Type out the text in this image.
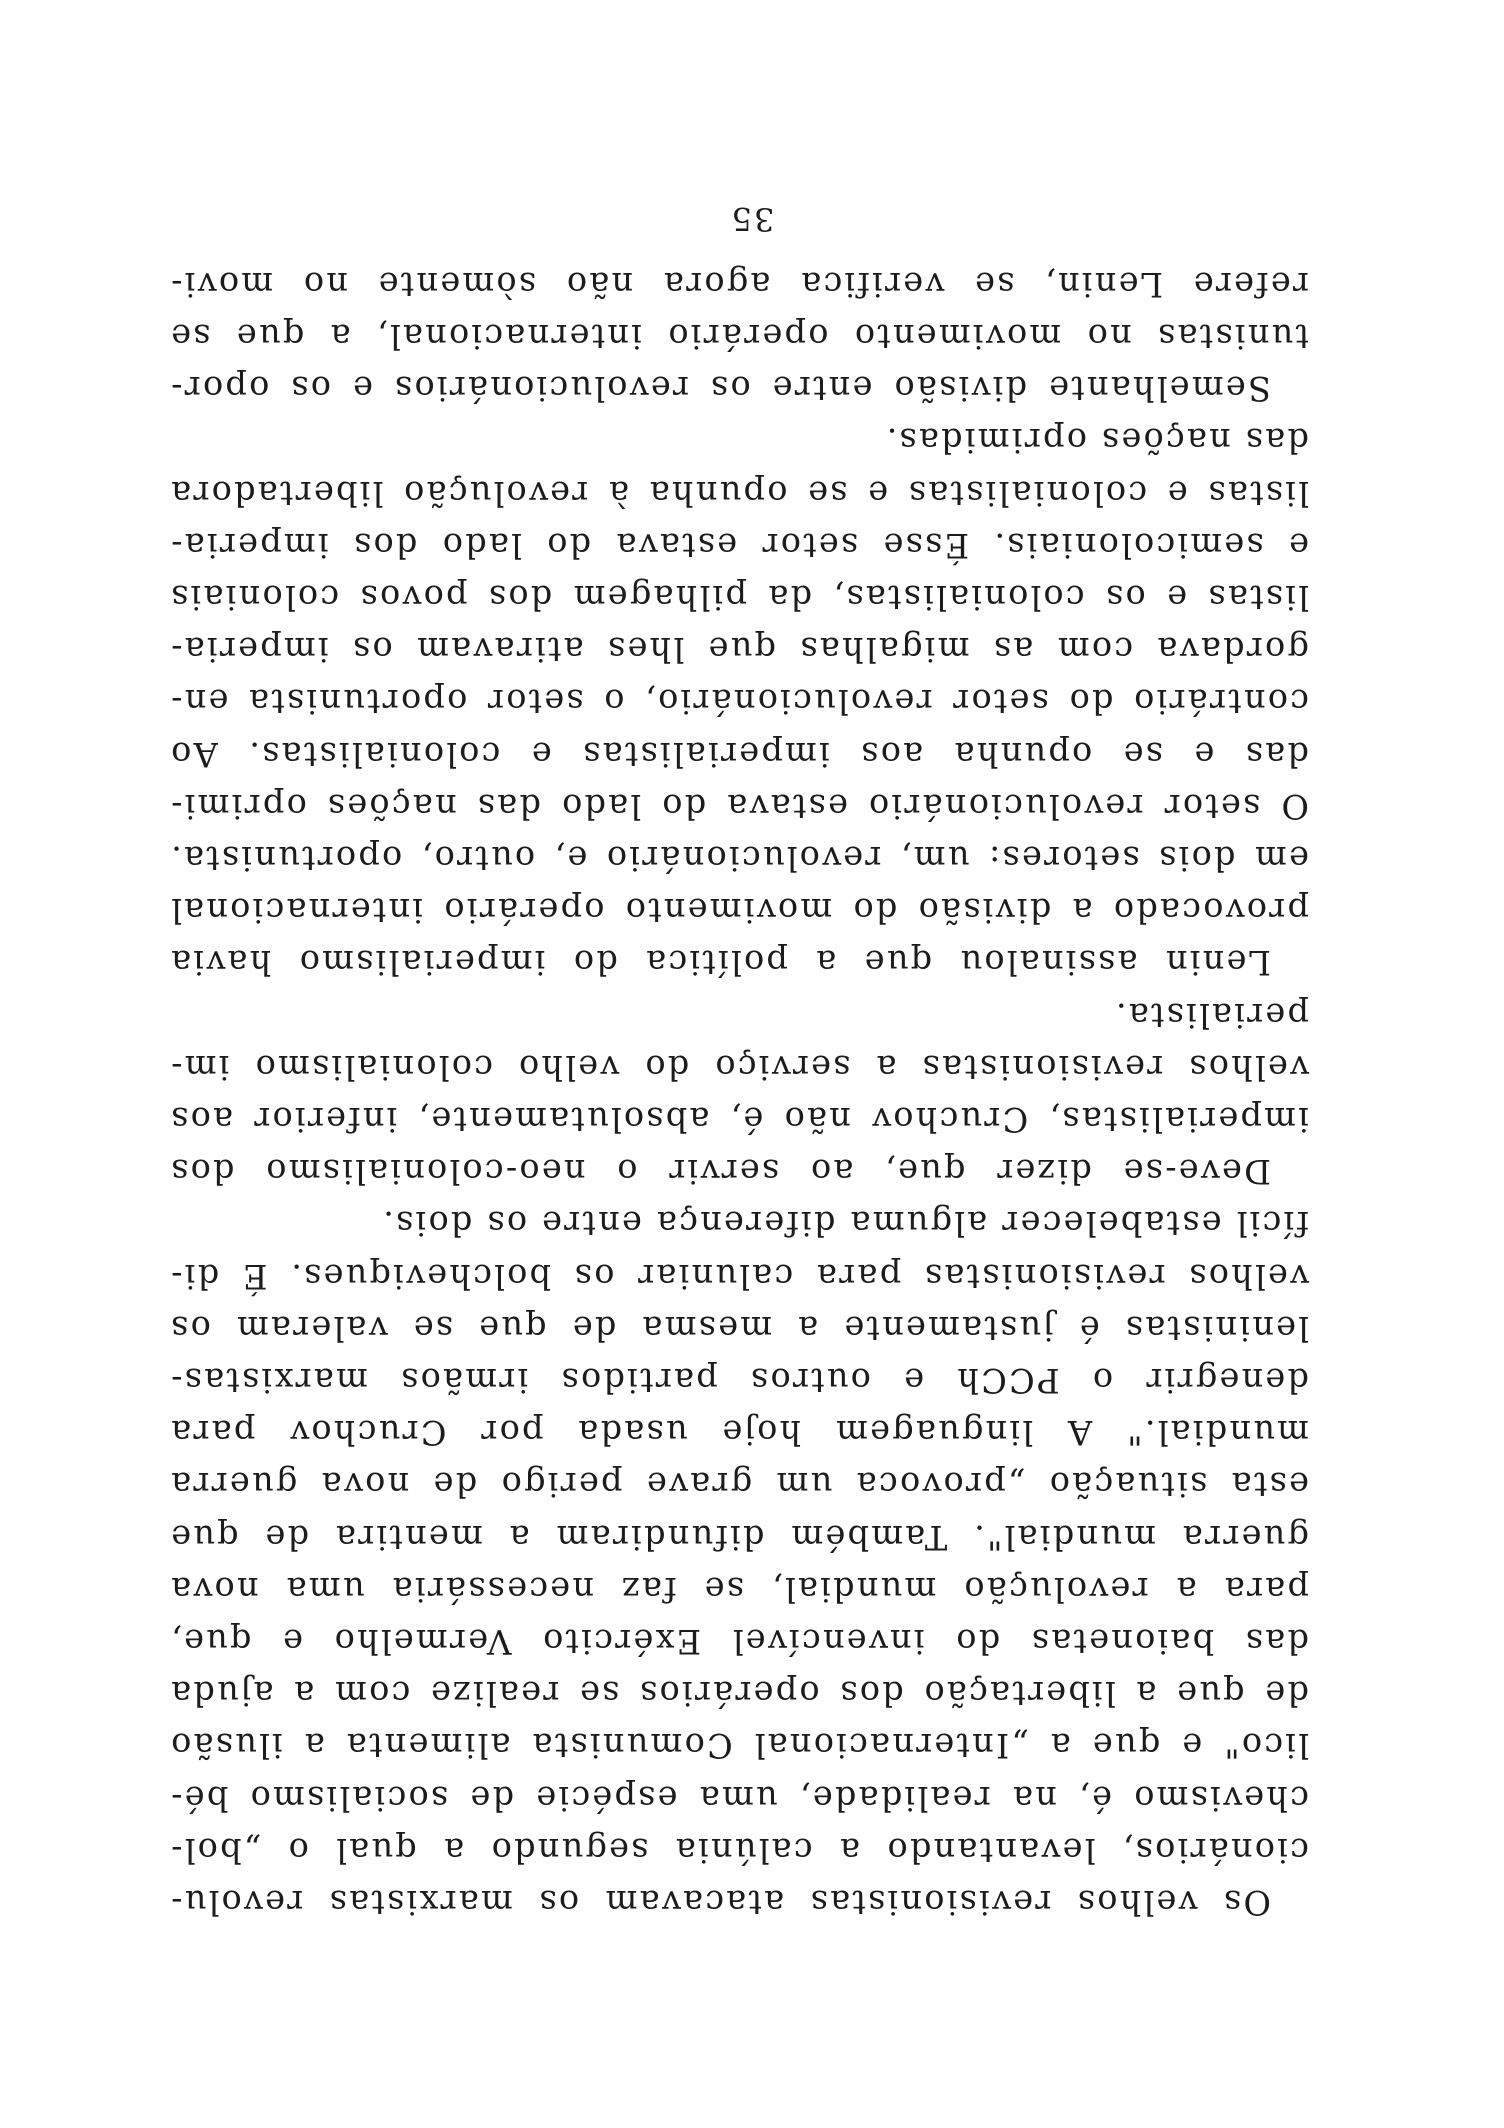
Os velhos revisionistas atacavam os marxistas revolu-
cionários, levantando a calúnia segundo a qual o „bol-
chevismo é, na realidade, uma espécie de socialismo bé-
lico" e que a „Internacional Comunista alimenta a ilusão
de que a libertação dos operários se realize com a ajuda
das baionetas do invencível Exército Vermelho e que,
para a revolução mundial, se faz necessária uma nova
guerra mundial". Também difundiram a mentira de que
esta situação „provoca um grave perigo de nova guerra
mundial." A linguagem hoje usada por Cruchov para
denegrir o PCCh e outros partidos irmãos marxistas-
leninistas é justamente a mesma de que se valeram os
velhos revisionistas para caluniar os bolcheviques. É di-
fícil estabelecer alguma diferença entre os dois.
Deve-se dizer que, ao servir o neo-colonialismo dos
imperialistas, Cruchov não é, absolutamente, inferior aos
velhos revisionistas a serviço do velho colonialismo im-
perialista.
Lenin assinalou que a política do imperialismo havia
provocado a divisão do movimento operário internacional
em dois setores: um, revolucionário e, outro, oportunista.
O setor revolucionário estava do lado das nações oprimi-
das e se opunha aos imperialistas e colonialistas. Ao
contrário do setor revolucionário, o setor oportunista en-
gordava com as migalhas que lhes atiravam os imperia-
listas e os colonialistas, da pilhagem dos povos coloniais
e semicoloniais. Ésse setor estava do lado dos imperia-
listas e colonialistas e se opunha à revolução libertadora
das nações oprimidas.
Semelhante divisão entre os revolucionários e os opor-
tunistas no movimento operário internacional, a que se
refere Lenin, se verifica agora não sòmente no movi-
35
